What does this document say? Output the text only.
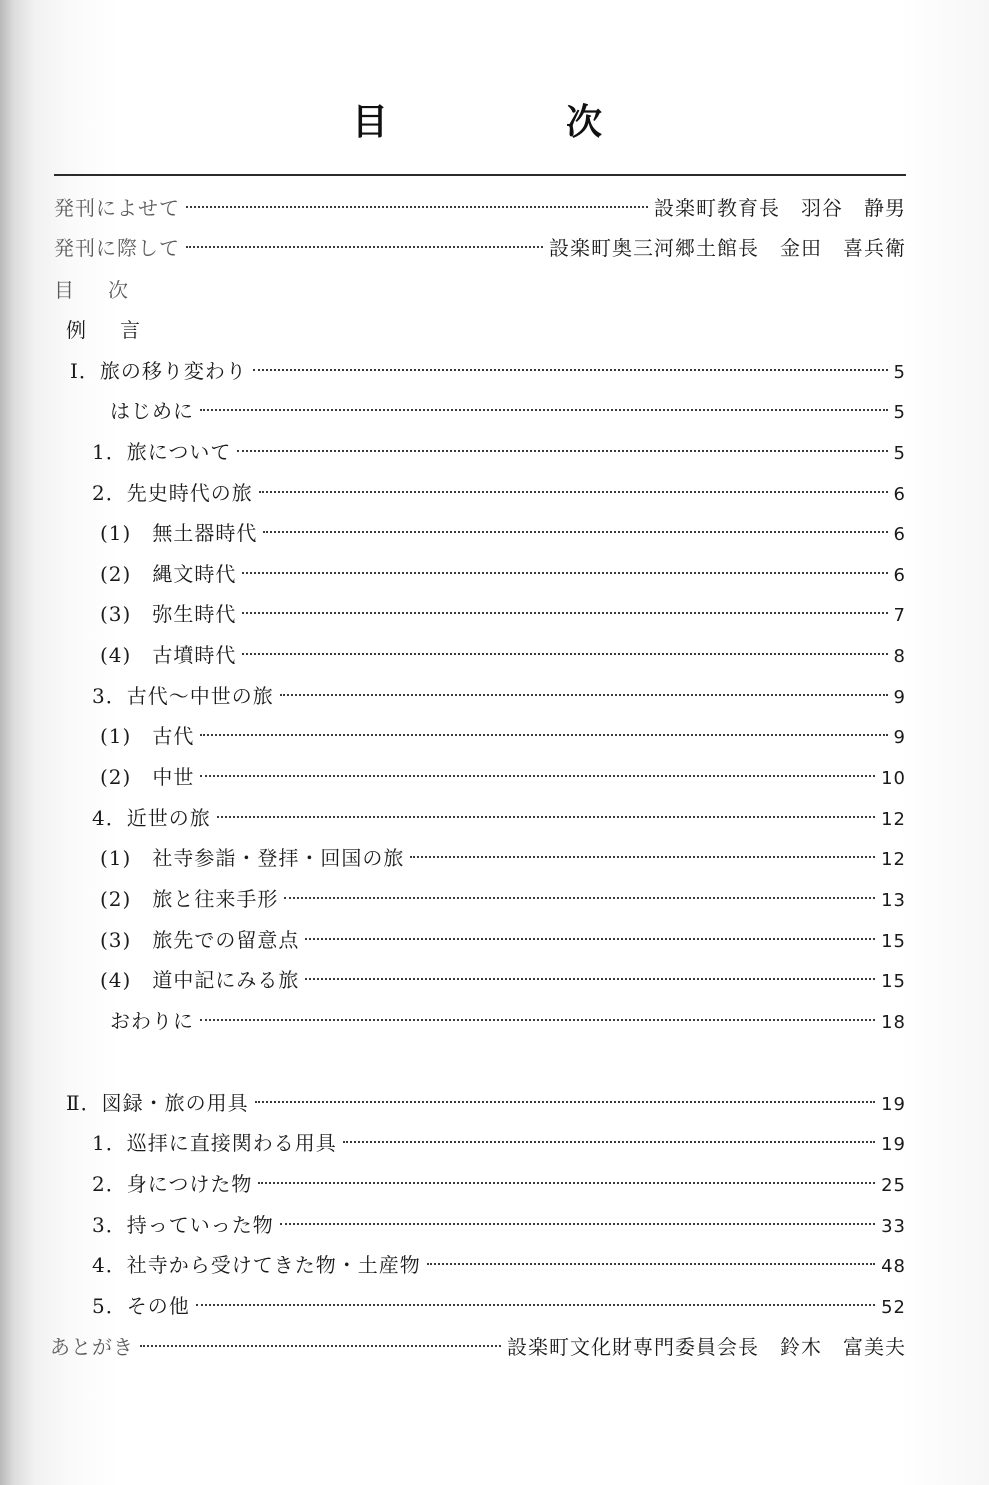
目	次
発刊によせて	設楽町教育長　羽谷　静男
発刊に際して	設楽町奥三河郷土館長　金田　喜兵衛
目次
例言
Ⅰ．旅の移り変わり	5
はじめに	5
1．旅について	5
2．先史時代の旅	6
(1)　無土器時代	6
(2)　縄文時代	6
(3)　弥生時代	7
(4)　古墳時代	8
3．古代～中世の旅	9
(1)　古代	9
(2)　中世	10
4．近世の旅	12
(1)　社寺参詣・登拝・回国の旅	12
(2)　旅と往来手形	13
(3)　旅先での留意点	15
(4)　道中記にみる旅	15
おわりに	18
Ⅱ．図録・旅の用具	19
1．巡拝に直接関わる用具	19
2．身につけた物	25
3．持っていった物	33
4．社寺から受けてきた物・土産物	48
5．その他	52
あとがき	設楽町文化財専門委員会長　鈴木　富美夫
